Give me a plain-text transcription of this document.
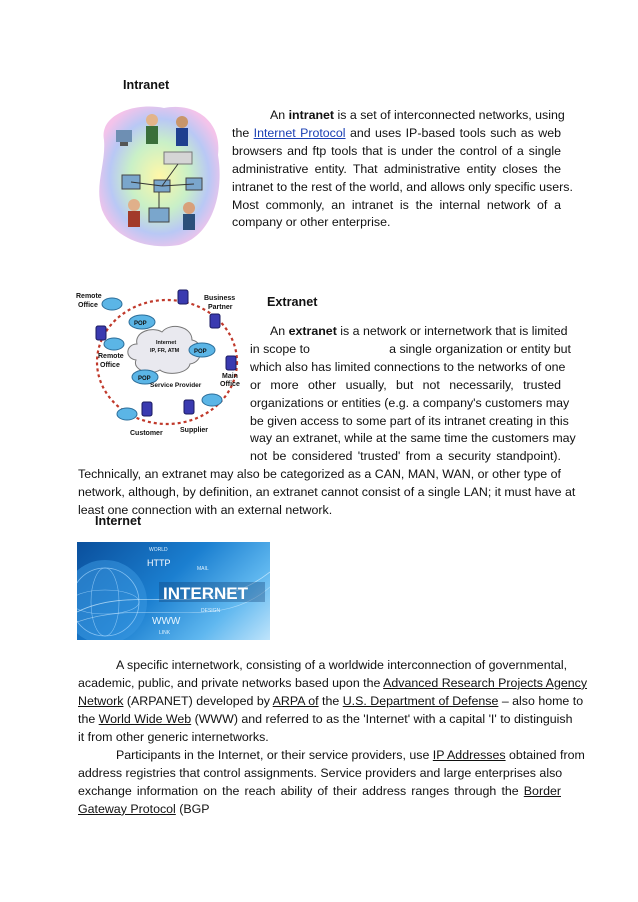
Intranet
An intranet is a set of interconnected networks, using
the Internet Protocol and uses IP-based tools such as web
browsers and ftp tools that is under the control of a single
administrative entity. That administrative entity closes the
intranet to the rest of the world, and allows only specific users.
Most commonly, an intranet is the internal network of a
company or other enterprise.
Remote
Office
Business
Partner
Remote
Office
Main
Office
Customer Supplier
POP
POP
POP
Internet
IP, FR, ATM
Service Provider
Extranet
An extranet is a network or internetwork that is limited
in scope to                       a single organization or entity but
which also has limited connections to the networks of one
or more other usually, but not necessarily, trusted
organizations or entities (e.g. a company's customers may
be given access to some part of its intranet creating in this
way an extranet, while at the same time the customers may
not be considered 'trusted' from a security standpoint).
Technically, an extranet may also be categorized as a CAN, MAN, WAN, or other type of
network, although, by definition, an extranet cannot consist of a single LAN; it must have at
least one connection with an external network.
Internet
WORLD
HTTP
MAIL
INTERNET
WWW
DESIGN
LINK
A specific internetwork, consisting of a worldwide interconnection of governmental,
academic, public, and private networks based upon the Advanced Research Projects Agency
Network (ARPANET) developed by ARPA of the U.S. Department of Defense – also home to
the World Wide Web (WWW) and referred to as the 'Internet' with a capital 'I' to distinguish
it from other generic internetworks.
Participants in the Internet, or their service providers, use IP Addresses obtained from
address registries that control assignments. Service providers and large enterprises also
exchange information on the reach ability of their address ranges through the Border
Gateway Protocol (BGP
